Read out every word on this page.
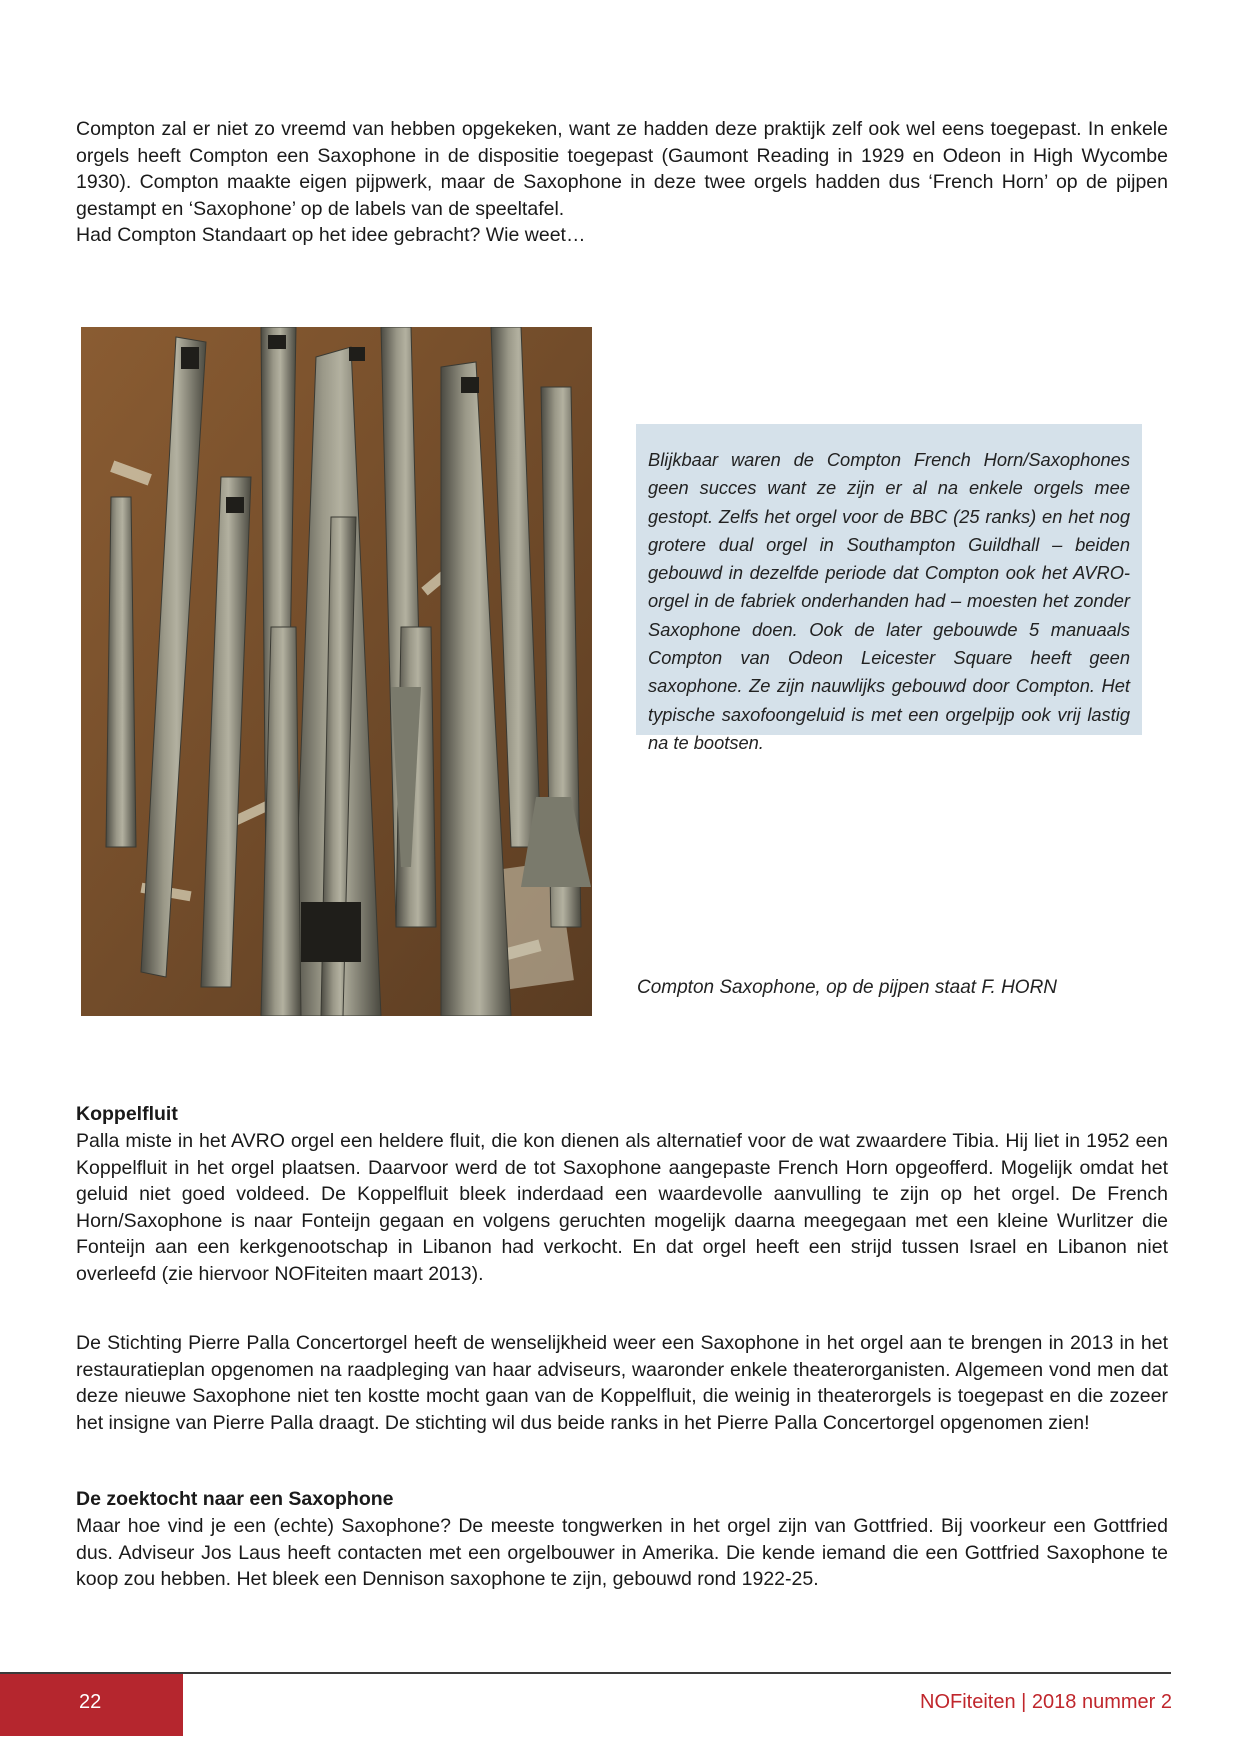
Compton zal er niet zo vreemd van hebben opgekeken, want ze hadden deze praktijk zelf ook wel eens toegepast. In enkele orgels heeft Compton een Saxophone in de dispositie toegepast (Gaumont Reading in 1929 en Odeon in High Wycombe 1930). Compton maakte eigen pijpwerk, maar de Saxophone in deze twee orgels hadden dus ‘French Horn’ op de pijpen gestampt en ‘Saxophone’ op de labels van de speeltafel.

Had Compton Standaart op het idee gebracht? Wie weet…

Blijkbaar waren de Compton French Horn/Saxophones geen succes want ze zijn er al na enkele orgels mee gestopt. Zelfs het orgel voor de BBC (25 ranks) en het nog grotere dual orgel in Southampton Guildhall – beiden gebouwd in dezelfde periode dat Compton ook het AVRO-orgel in de fabriek onderhanden had – moesten het zonder Saxophone doen. Ook de later gebouwde 5 manuaals Compton van Odeon Leicester Square heeft geen saxophone. Ze zijn nauwlijks gebouwd door Compton. Het typische saxofoongeluid is met een orgelpijp ook vrij lastig na te bootsen.

Compton Saxophone, op de pijpen staat F. HORN

Koppelfluit

Palla miste in het AVRO orgel een heldere fluit, die kon dienen als alternatief voor de wat zwaardere Tibia. Hij liet in 1952 een Koppelfluit in het orgel plaatsen. Daarvoor werd de tot Saxophone aangepaste French Horn opgeofferd. Mogelijk omdat het geluid niet goed voldeed. De Koppelfluit bleek inderdaad een waardevolle aanvulling te zijn op het orgel. De French Horn/Saxophone is naar Fonteijn gegaan en volgens geruchten mogelijk daarna meegegaan met een kleine Wurlitzer die Fonteijn aan een kerkgenootschap in Libanon had verkocht. En dat orgel heeft een strijd tussen Israel en Libanon niet overleefd (zie hiervoor NOFiteiten maart 2013).

De Stichting Pierre Palla Concertorgel heeft de wenselijkheid weer een Saxophone in het orgel aan te brengen in 2013 in het restauratieplan opgenomen na raadpleging van haar adviseurs, waaronder enkele theaterorganisten. Algemeen vond men dat deze nieuwe Saxophone niet ten kostte mocht gaan van de Koppelfluit, die weinig in theaterorgels is toegepast en die zozeer het insigne van Pierre Palla draagt. De stichting wil dus beide ranks in het Pierre Palla Concertorgel opgenomen zien!

De zoektocht naar een Saxophone

Maar hoe vind je een (echte) Saxophone? De meeste tongwerken in het orgel zijn van Gottfried. Bij voorkeur een Gottfried dus. Adviseur Jos Laus heeft contacten met een orgelbouwer in Amerika. Die kende iemand die een Gottfried Saxophone te koop zou hebben. Het bleek een Dennison saxophone te zijn, gebouwd rond 1922-25.

22	NOFiteiten | 2018 nummer 2
